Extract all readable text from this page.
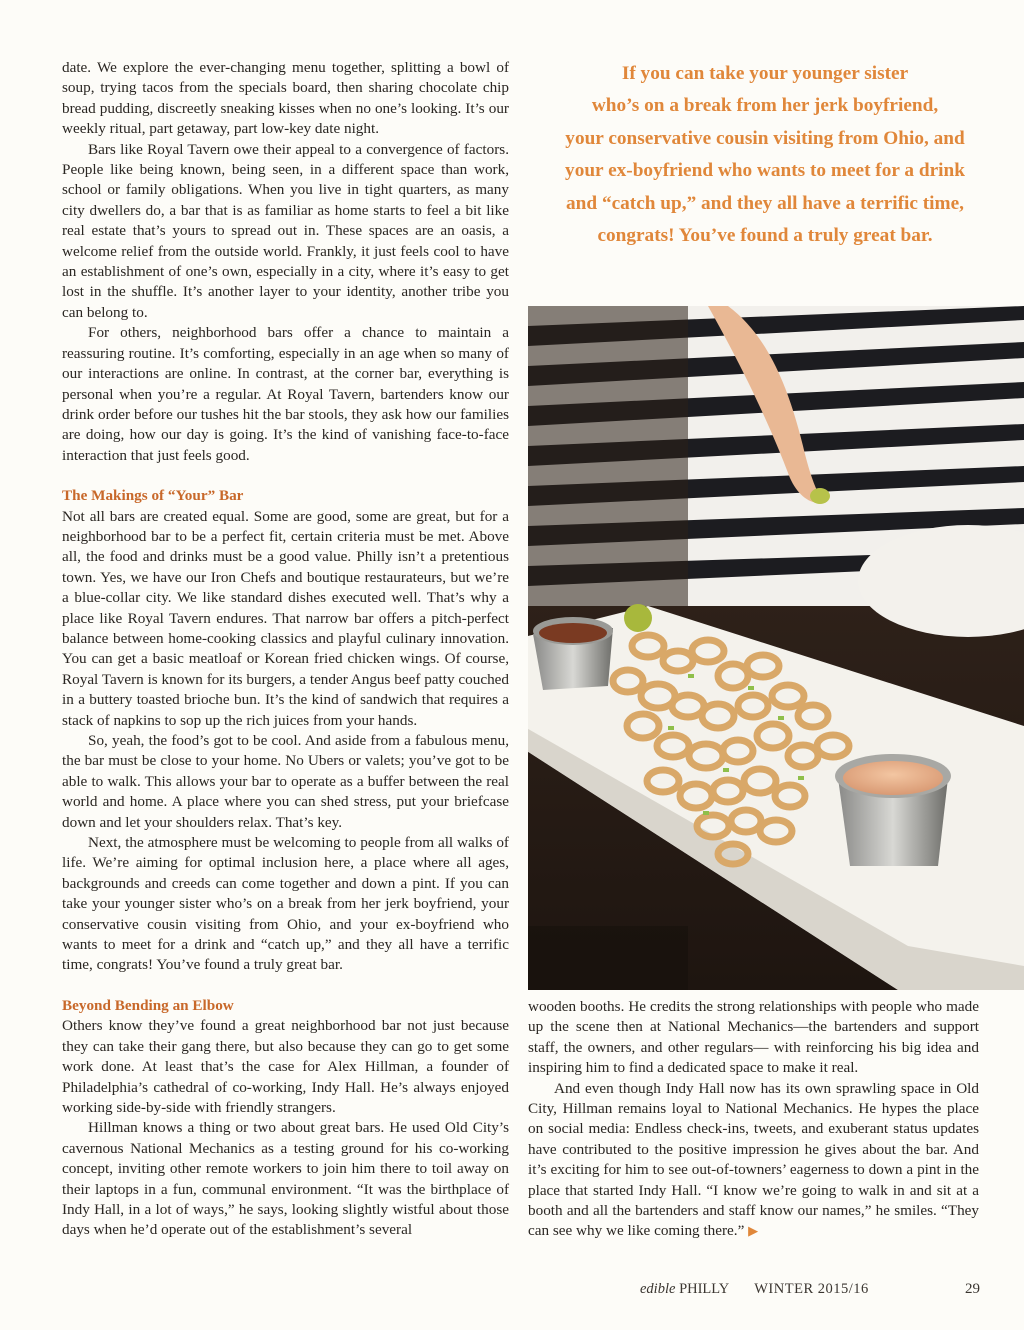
date. We explore the ever-changing menu together, splitting a bowl of soup, trying tacos from the specials board, then sharing chocolate chip bread pudding, discreetly sneaking kisses when no one’s looking. It’s our weekly ritual, part getaway, part low-key date night.

Bars like Royal Tavern owe their appeal to a convergence of factors. People like being known, being seen, in a different space than work, school or family obligations. When you live in tight quarters, as many city dwellers do, a bar that is as familiar as home starts to feel a bit like real estate that’s yours to spread out in. These spaces are an oasis, a welcome relief from the outside world. Frankly, it just feels cool to have an establishment of one’s own, especially in a city, where it’s easy to get lost in the shuffle. It’s another layer to your identity, another tribe you can belong to.

For others, neighborhood bars offer a chance to maintain a reassuring routine. It’s comforting, especially in an age when so many of our interactions are online. In contrast, at the corner bar, everything is personal when you’re a regular. At Royal Tavern, bartenders know our drink order before our tushes hit the bar stools, they ask how our families are doing, how our day is going. It’s the kind of vanishing face-to-face interaction that just feels good.

The Makings of “Your” Bar

Not all bars are created equal. Some are good, some are great, but for a neighborhood bar to be a perfect fit, certain criteria must be met. Above all, the food and drinks must be a good value. Philly isn’t a pretentious town. Yes, we have our Iron Chefs and boutique restaurateurs, but we’re a blue-collar city. We like standard dishes executed well. That’s why a place like Royal Tavern endures. That narrow bar offers a pitch-perfect balance between home-cooking classics and playful culinary innovation. You can get a basic meatloaf or Korean fried chicken wings. Of course, Royal Tavern is known for its burgers, a tender Angus beef patty couched in a buttery toasted brioche bun. It’s the kind of sandwich that requires a stack of napkins to sop up the rich juices from your hands.

So, yeah, the food’s got to be cool. And aside from a fabulous menu, the bar must be close to your home. No Ubers or valets; you’ve got to be able to walk. This allows your bar to operate as a buffer between the real world and home. A place where you can shed stress, put your briefcase down and let your shoulders relax. That’s key.

Next, the atmosphere must be welcoming to people from all walks of life. We’re aiming for optimal inclusion here, a place where all ages, backgrounds and creeds can come together and down a pint. If you can take your younger sister who’s on a break from her jerk boyfriend, your conservative cousin visiting from Ohio, and your ex-boyfriend who wants to meet for a drink and “catch up,” and they all have a terrific time, congrats! You’ve found a truly great bar.

Beyond Bending an Elbow

Others know they’ve found a great neighborhood bar not just because they can take their gang there, but also because they can go to get some work done. At least that’s the case for Alex Hillman, a founder of Philadelphia’s cathedral of co-working, Indy Hall. He’s always enjoyed working side-by-side with friendly strangers.

Hillman knows a thing or two about great bars. He used Old City’s cavernous National Mechanics as a testing ground for his co-working concept, inviting other remote workers to join him there to toil away on their laptops in a fun, communal environment. “It was the birthplace of Indy Hall, in a lot of ways,” he says, looking slightly wistful about those days when he’d operate out of the establishment’s several

If you can take your younger sister
who’s on a break from her jerk boyfriend,
your conservative cousin visiting from Ohio, and
your ex-boyfriend who wants to meet for a drink
and “catch up,” and they all have a terrific time,
congrats! You’ve found a truly great bar.

wooden booths. He credits the strong relationships with people who made up the scene then at National Mechanics—the bartenders and support staff, the owners, and other regulars— with reinforcing his big idea and inspiring him to find a dedicated space to make it real.

And even though Indy Hall now has its own sprawling space in Old City, Hillman remains loyal to National Mechanics. He hypes the place on social media: Endless check-ins, tweets, and exuberant status updates have contributed to the positive impression he gives about the bar. And it’s exciting for him to see out-of-towners’ eagerness to down a pint in the place that started Indy Hall. “I know we’re going to walk in and sit at a booth and all the bartenders and staff know our names,” he smiles. “They can see why we like coming there.” ▶

edible PHILLY WINTER 2015/16	29
